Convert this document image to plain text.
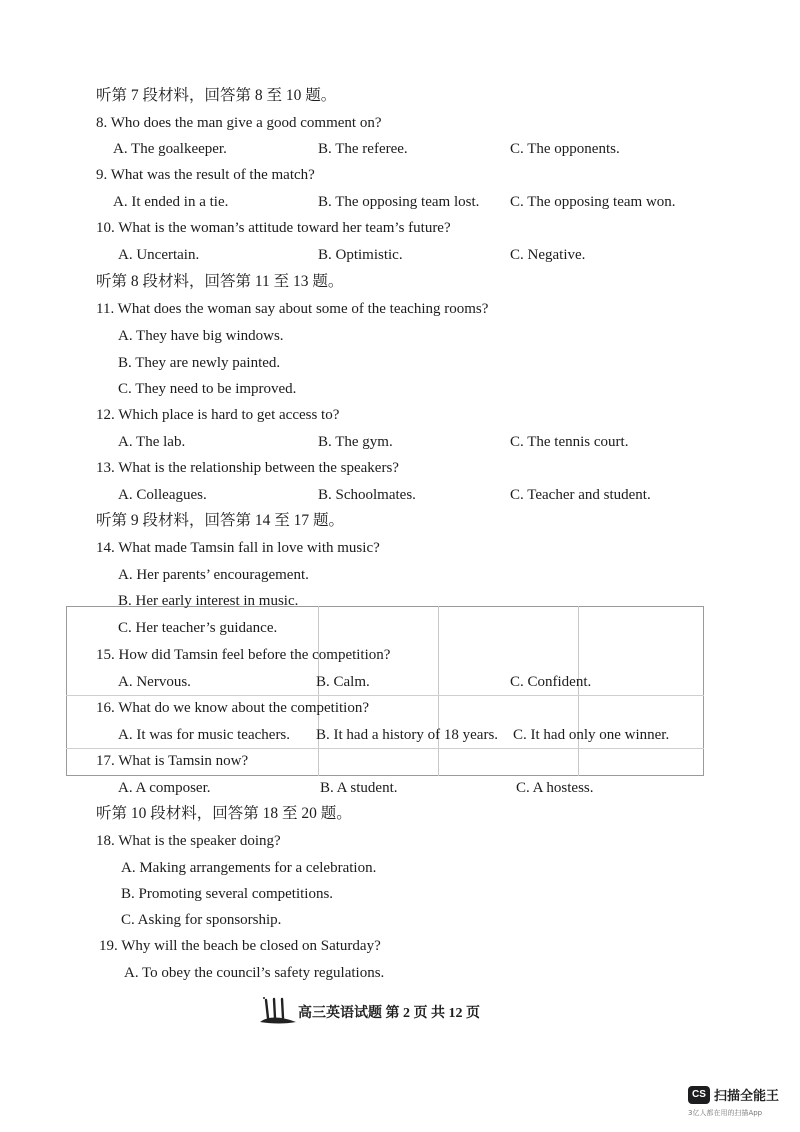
听第 7 段材料，回答第 8 至 10 题。
8. Who does the man give a good comment on?
A. The goalkeeper.	B. The referee.	C. The opponents.
9. What was the result of the match?
A. It ended in a tie.	B. The opposing team lost. C. The opposing team won.
10. What is the woman’s attitude toward her team’s future?
A. Uncertain.	B. Optimistic.	C. Negative.
听第 8 段材料，回答第 11 至 13 题。
11. What does the woman say about some of the teaching rooms?
A. They have big windows.
B. They are newly painted.
C. They need to be improved.
12. Which place is hard to get access to?
A. The lab.	B. The gym.	C. The tennis court.
13. What is the relationship between the speakers?
A. Colleagues.	B. Schoolmates.	C. Teacher and student.
听第 9 段材料，回答第 14 至 17 题。
14. What made Tamsin fall in love with music?
A. Her parents’ encouragement.
B. Her early interest in music.
C. Her teacher’s guidance.
15. How did Tamsin feel before the competition?
A. Nervous.	B. Calm.	C. Confident.
16. What do we know about the competition?
A. It was for music teachers. B. It had a history of 18 years. C. It had only one winner.
17. What is Tamsin now?
A. A composer.	B. A student.	C. A hostess.
听第 10 段材料，回答第 18 至 20 题。
18. What is the speaker doing?
A. Making arrangements for a celebration.
B. Promoting several competitions.
C. Asking for sponsorship.
19. Why will the beach be closed on Saturday?
A. To obey the council’s safety regulations.
高三英语试题 第 2 页 共 12 页
CS 扫描全能王
3亿人都在用的扫描App
